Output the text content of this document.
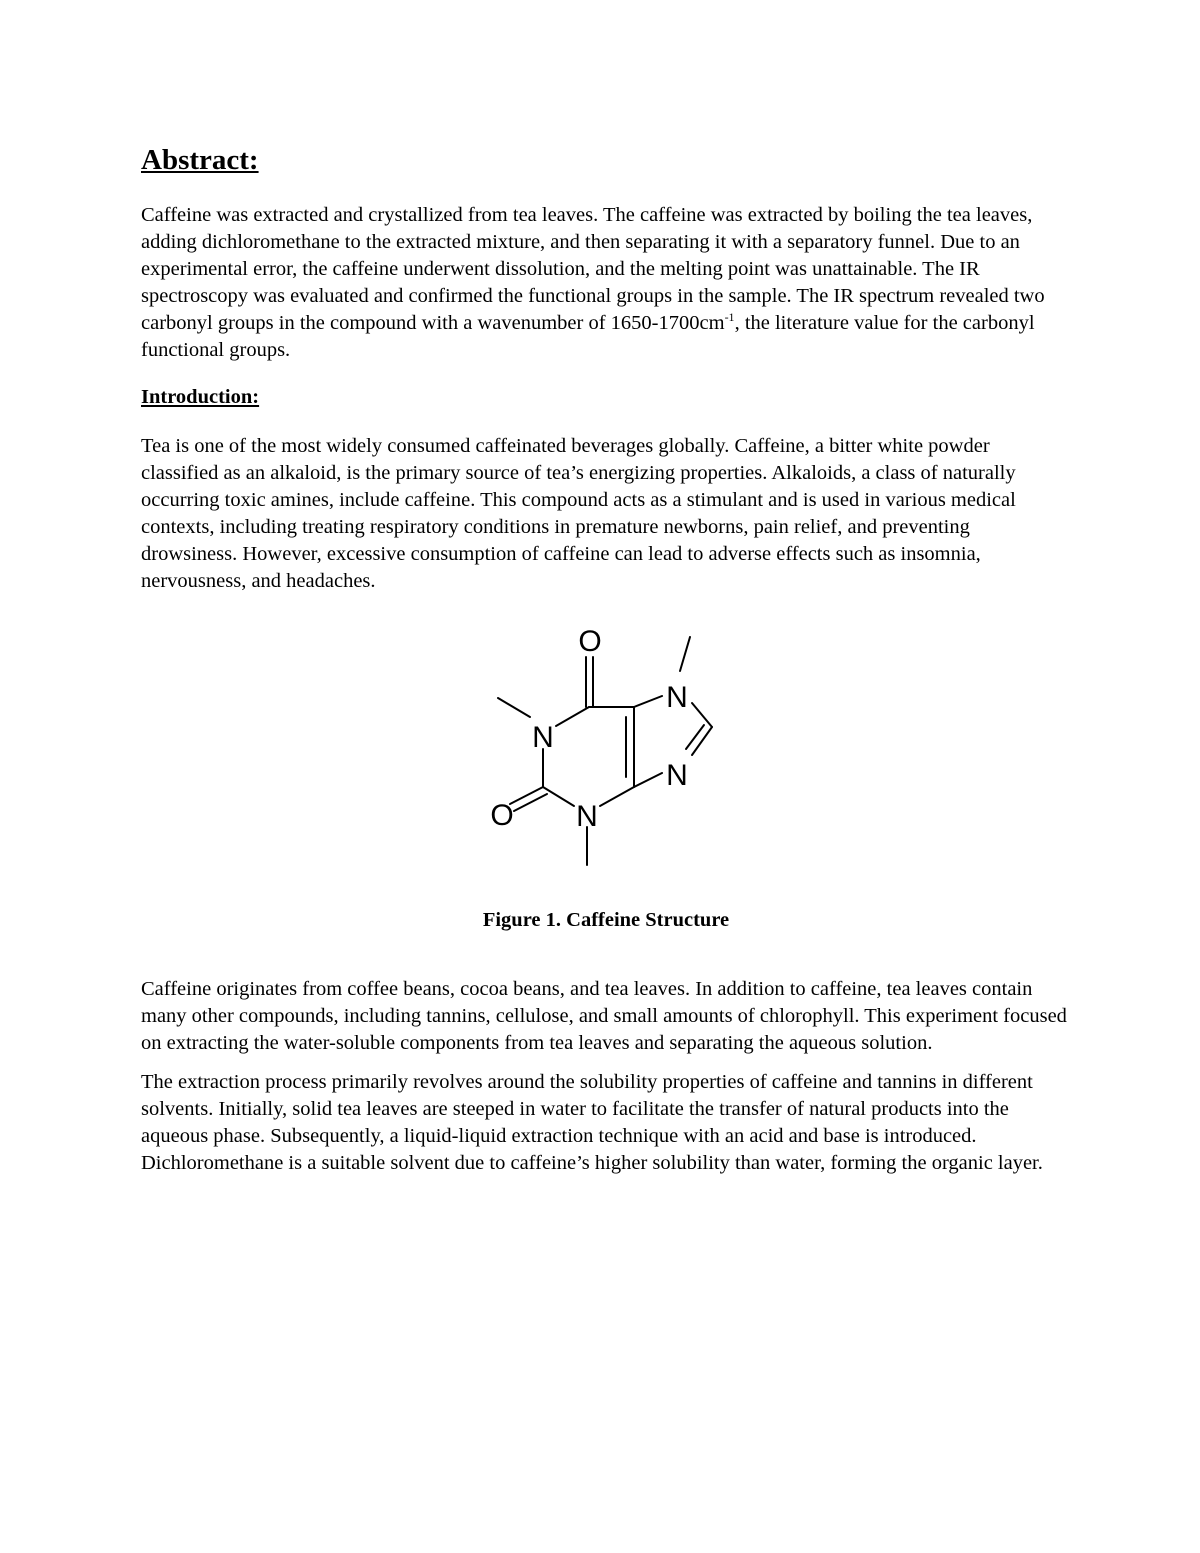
Abstract:

Caffeine was extracted and crystallized from tea leaves. The caffeine was extracted by boiling the tea leaves, adding dichloromethane to the extracted mixture, and then separating it with a separatory funnel. Due to an experimental error, the caffeine underwent dissolution, and the melting point was unattainable. The IR spectroscopy was evaluated and confirmed the functional groups in the sample. The IR spectrum revealed two carbonyl groups in the compound with a wavenumber of $1650-1700cm^{-1}$, the literature value for the carbonyl functional groups.

Introduction:

Tea is one of the most widely consumed caffeinated beverages globally. Caffeine, a bitter white powder classified as an alkaloid, is the primary source of tea’s energizing properties. Alkaloids, a class of naturally occurring toxic amines, include caffeine. This compound acts as a stimulant and is used in various medical contexts, including treating respiratory conditions in premature newborns, pain relief, and preventing drowsiness. However, excessive consumption of caffeine can lead to adverse effects such as insomnia, nervousness, and headaches.

O
N
O N
N
N
Figure 1. Caffeine Structure

Caffeine originates from coffee beans, cocoa beans, and tea leaves. In addition to caffeine, tea leaves contain many other compounds, including tannins, cellulose, and small amounts of chlorophyll. This experiment focused on extracting the water-soluble components from tea leaves and separating the aqueous solution.

The extraction process primarily revolves around the solubility properties of caffeine and tannins in different solvents. Initially, solid tea leaves are steeped in water to facilitate the transfer of natural products into the aqueous phase. Subsequently, a liquid-liquid extraction technique with an acid and base is introduced. Dichloromethane is a suitable solvent due to caffeine’s higher solubility than water, forming the organic layer.
